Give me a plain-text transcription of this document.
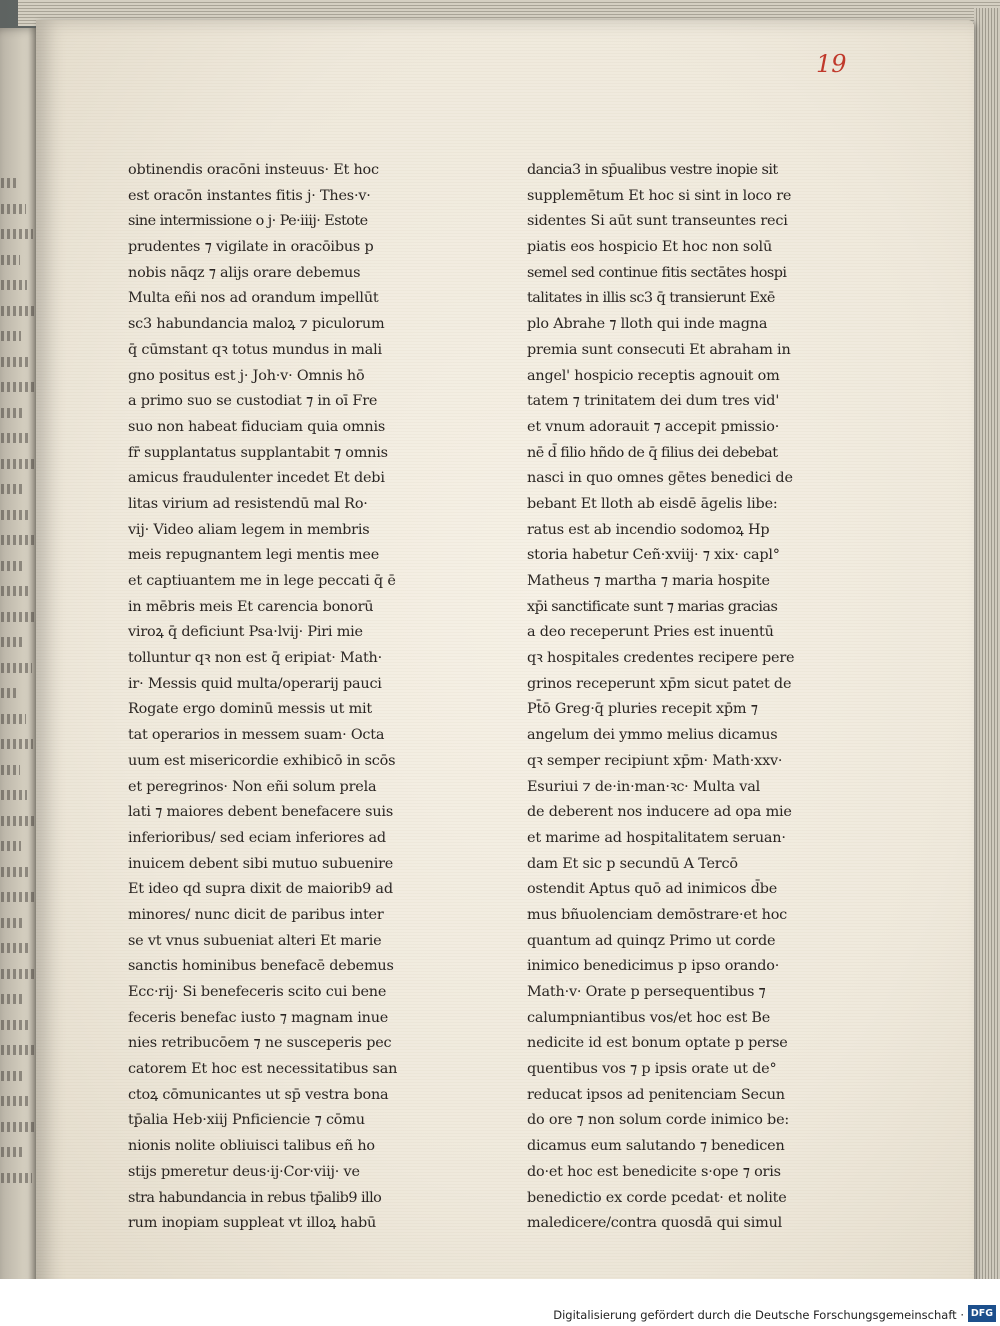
19
obtinendis oracōni insteuus· Et hoc
est oracōn instantes fitis j· Thes·v·
sine intermissione o j· Pe·iiij· Estote
prudentes ⁊ vigilate in oracōibus p
nobis nāqz ⁊ alijs orare debemus
Multa eñi nos ad orandum impellūt
sc3 habundancia maloꝝ ⁊ piculorum
q̄ cūmstant qꝛ totus mundus in mali
gno positus est j· Joh·v· Omnis hō
a primo suo se custodiat ⁊ in oī Fre
suo non habeat fiduciam quia omnis
fr̄ supplantatus supplantabit ⁊ omnis
amicus fraudulenter incedet Et debi
litas virium ad resistendū mal Ro·
vij· Video aliam legem in membris
meis repugnantem legi mentis mee
et captiuantem me in lege peccati q̄ ē
in mēbris meis Et carencia bonorū
viroꝝ q̄ deficiunt Psa·lvij· Piri mie
tolluntur qꝛ non est q̄ eripiat· Math·
ir· Messis quid multa/operarij pauci
Rogate ergo dominū messis ut mit
tat operarios in messem suam· Octa
uum est misericordie exhibicō in scōs
et peregrinos· Non eñi solum prela
lati ⁊ maiores debent benefacere suis
inferioribus/ sed eciam inferiores ad
inuicem debent sibi mutuo subuenire
Et ideo qd supra dixit de maiorib9 ad
minores/ nunc dicit de paribus inter
se vt vnus subueniat alteri Et marie
sanctis hominibus benefacē debemus
Ecc·rij· Si benefeceris scito cui bene
feceris benefac iusto ⁊ magnam inue
nies retribucōem ⁊ ne susceperis pec
catorem Et hoc est necessitatibus san
ctoꝝ cōmunicantes ut sp̄ vestra bona
tp̄alia Heb·xiij Pnficiencie ⁊ cōmu
nionis nolite obliuisci talibus eñ ho
stijs pmeretur deus·ij·Cor·viij· ve
stra habundancia in rebus tp̄alib9 illo
rum inopiam suppleat vt illoꝝ habū
dancia3 in sp̄ualibus vestre inopie sit
supplemētum Et hoc si sint in loco re
sidentes Si aūt sunt transeuntes reci
piatis eos hospicio Et hoc non solū
semel sed continue fitis sectātes hospi
talitates in illis sc3 q̄ transierunt Exē
plo Abrahe ⁊ lloth qui inde magna
premia sunt consecuti Et abraham in
angel' hospicio receptis agnouit om
tatem ⁊ trinitatem dei dum tres vid'
et vnum adorauit ⁊ accepit pmissio·
nē d̄ filio hñdo de q̄ filius dei debebat
nasci in quo omnes gētes benedici de
bebant Et lloth ab eisdē āgelis libe:
ratus est ab incendio sodomoꝝ Hp
storia habetur Ceñ·xviij· ⁊ xix· capl°
Matheus ⁊ martha ⁊ maria hospite
xp̄i sanctificate sunt ⁊ marias gracias
a deo receperunt Pries est inuentū
qꝛ hospitales credentes recipere pere
grinos receperunt xp̄m sicut patet de
Pt̄ō Greg·q̄ pluries recepit xp̄m ⁊
angelum dei ymmo melius dicamus
qꝛ semper recipiunt xp̄m· Math·xxv·
Esuriui ⁊ de·in·man·ꝛc· Multa val
de deberent nos inducere ad opa mie
et marime ad hospitalitatem seruan·
dam Et sic p secundū A Tercō
ostendit Aptus quō ad inimicos d̄be
mus bñuolenciam demōstrare·et hoc
quantum ad quinqz Primo ut corde
inimico benedicimus p ipso orando·
Math·v· Orate p persequentibus ⁊
calumpniantibus vos/et hoc est Be
nedicite id est bonum optate p perse
quentibus vos ⁊ p ipsis orate ut de°
reducat ipsos ad penitenciam Secun
do ore ⁊ non solum corde inimico be:
dicamus eum salutando ⁊ benedicen
do·et hoc est benedicite s·ope ⁊ oris
benedictio ex corde pcedat· et nolite
maledicere/contra quosdā qui simul
Digitalisierung gefördert durch die Deutsche Forschungsgemeinschaft · DFG
